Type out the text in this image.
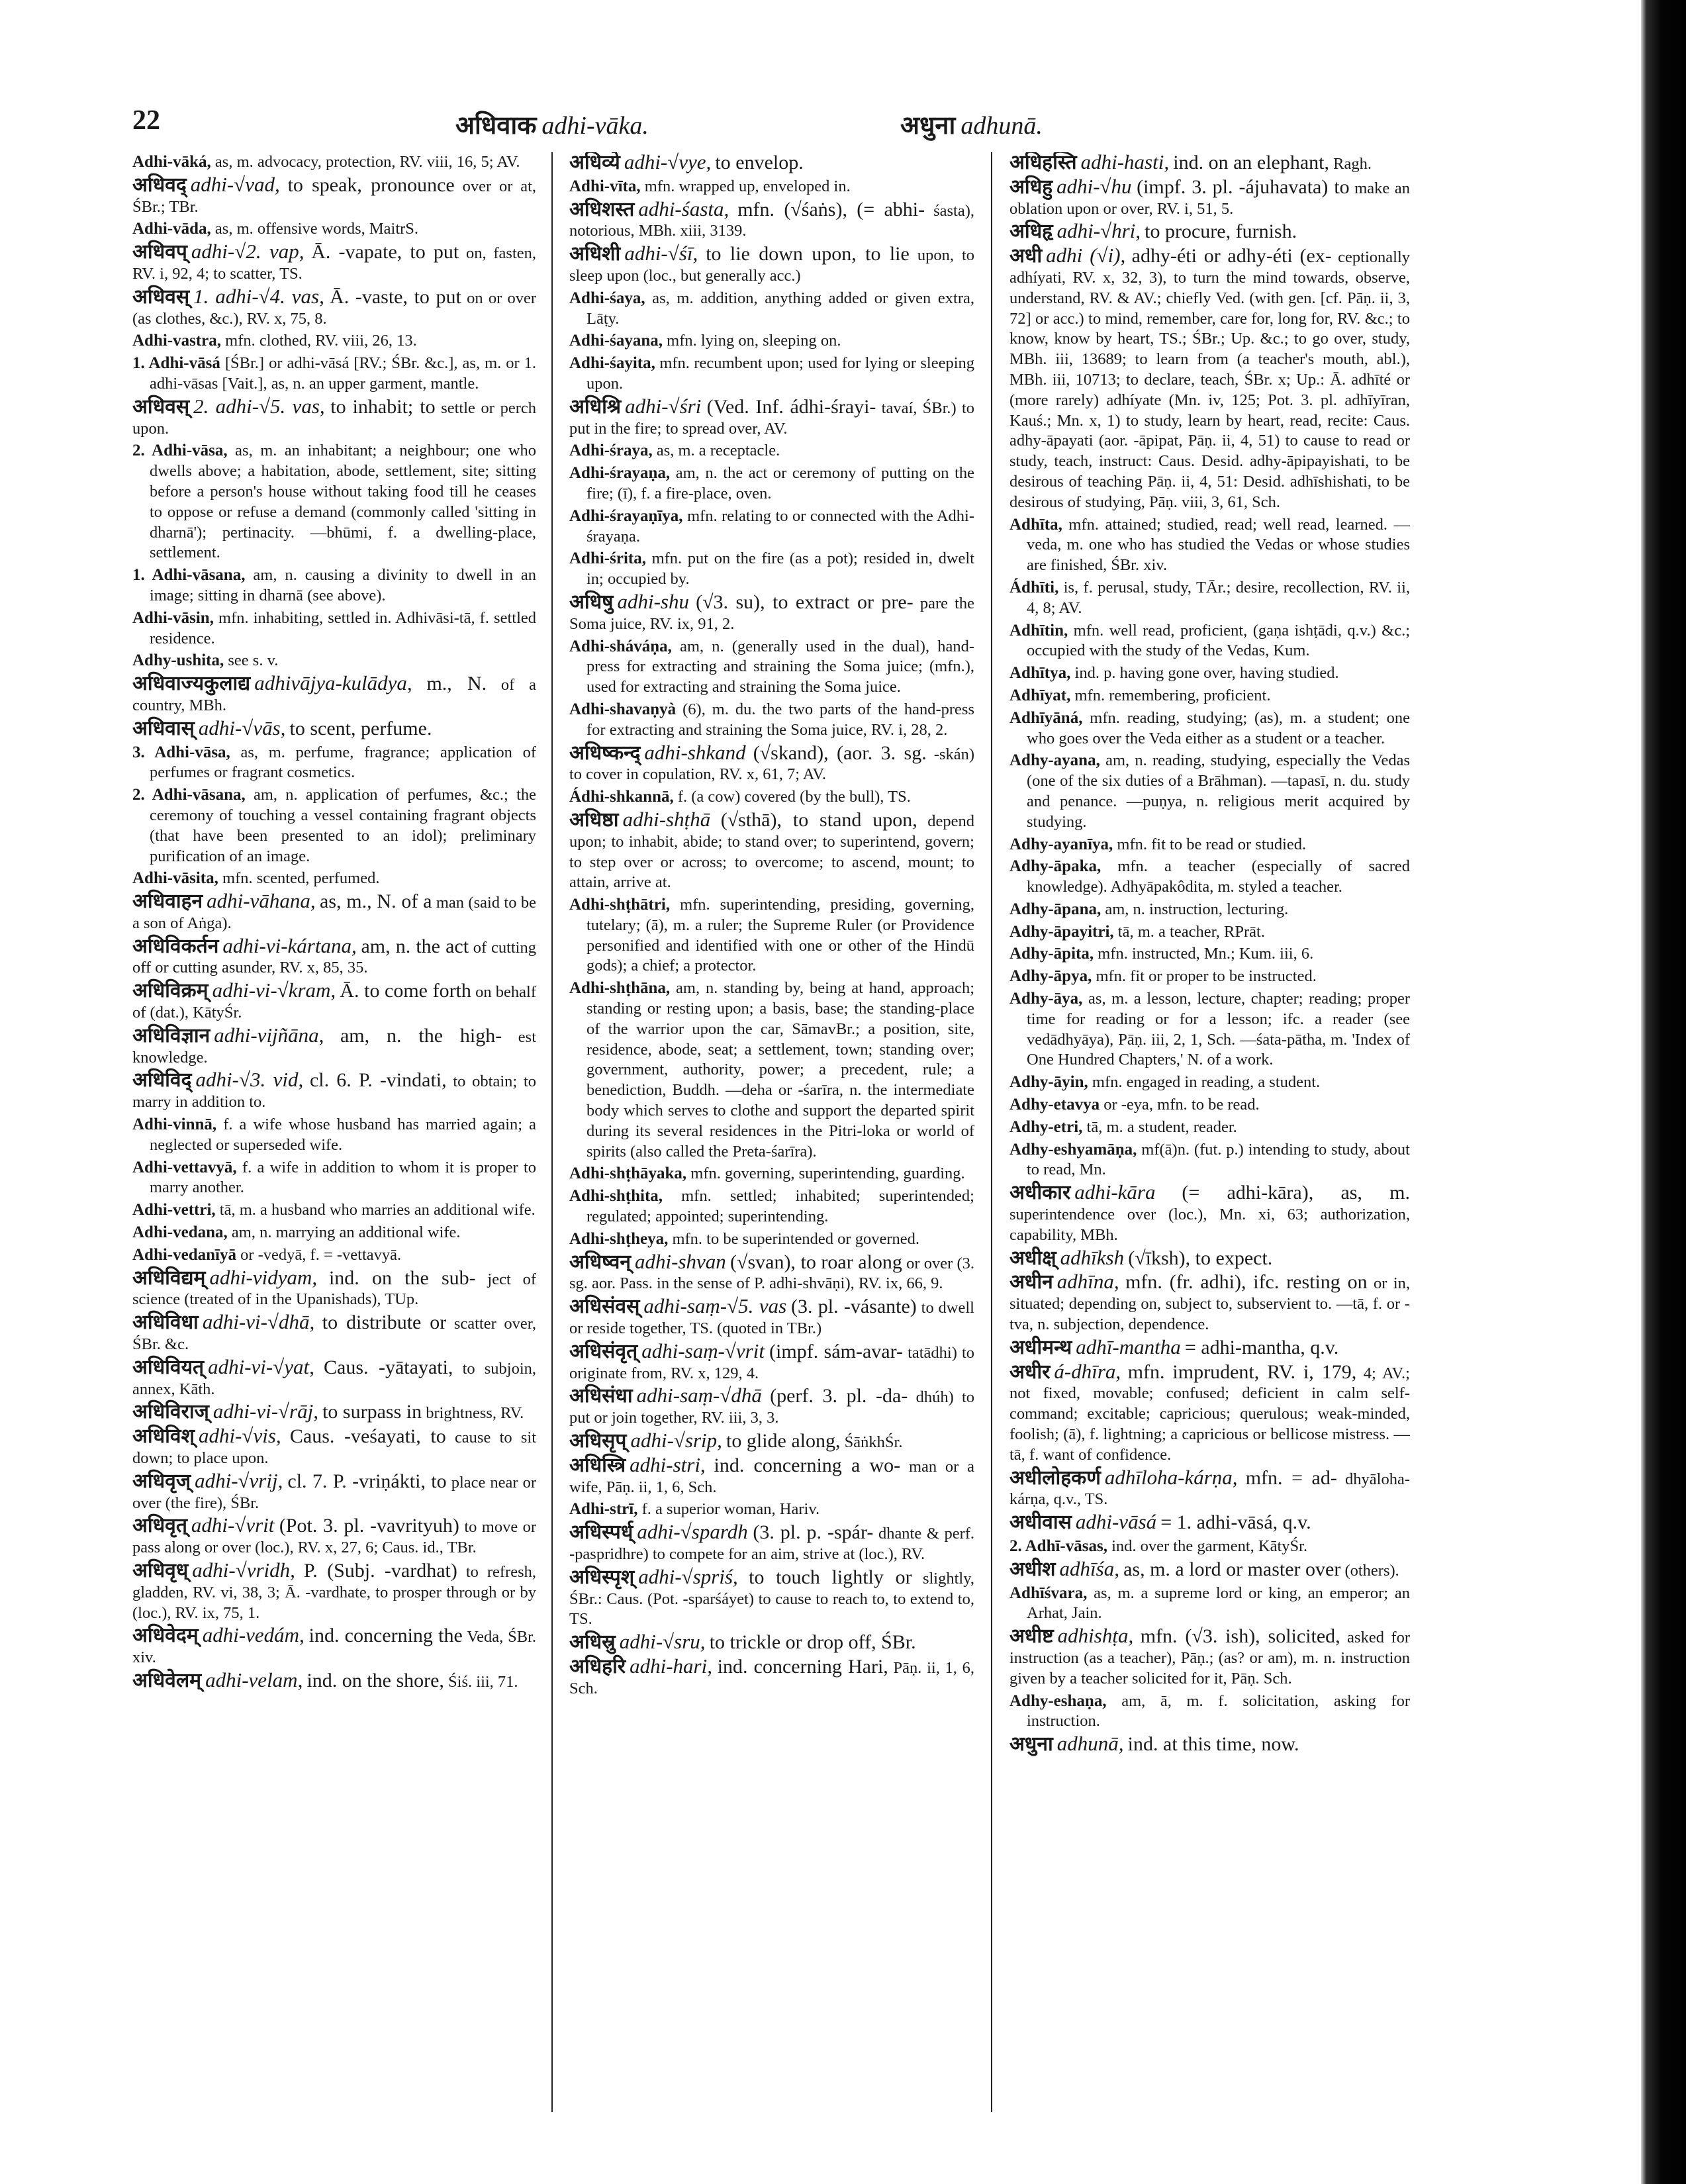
22	अधिवाक adhi-vāka.	अधुना adhunā.

Adhi-vāká, as, m. advocacy, protection, RV. viii, 16, 5; AV.

अधिवद् adhi-√vad, to speak, pronounce over or at, ŚBr.; TBr.

Adhi-vāda, as, m. offensive words, MaitrS.

अधिवप् adhi-√2. vap, Ā. -vapate, to put on, fasten, RV. i, 92, 4; to scatter, TS.

अधिवस् 1. adhi-√4. vas, Ā. -vaste, to put on or over (as clothes, &c.), RV. x, 75, 8.

Adhi-vastra, mfn. clothed, RV. viii, 26, 13.

1. Adhi-vāsá [ŚBr.] or adhi-vāsá [RV.; ŚBr. &c.], as, m. or 1. adhi-vāsas [Vait.], as, n. an upper garment, mantle.

अधिवस् 2. adhi-√5. vas, to inhabit; to settle or perch upon.

2. Adhi-vāsa, as, m. an inhabitant; a neighbour; one who dwells above; a habitation, abode, settlement, site; sitting before a person's house without taking food till he ceases to oppose or refuse a demand (commonly called 'sitting in dharnā'); pertinacity. —bhūmi, f. a dwelling-place, settlement.

1. Adhi-vāsana, am, n. causing a divinity to dwell in an image; sitting in dharnā (see above).

Adhi-vāsin, mfn. inhabiting, settled in. Adhivāsi-tā, f. settled residence.

Adhy-ushita, see s. v.

अधिवाज्यकुलाद्य adhivājya-kulādya, m., N. of a country, MBh.

अधिवास् adhi-√vās, to scent, perfume.

3. Adhi-vāsa, as, m. perfume, fragrance; application of perfumes or fragrant cosmetics.

2. Adhi-vāsana, am, n. application of perfumes, &c.; the ceremony of touching a vessel containing fragrant objects (that have been presented to an idol); preliminary purification of an image.

Adhi-vāsita, mfn. scented, perfumed.

अधिवाहन adhi-vāhana, as, m., N. of a man (said to be a son of Aṅga).

अधिविकर्तन adhi-vi-kártana, am, n. the act of cutting off or cutting asunder, RV. x, 85, 35.

अधिविक्रम् adhi-vi-√kram, Ā. to come forth on behalf of (dat.), KātyŚr.

अधिविज्ञान adhi-vijñāna, am, n. the high- est knowledge.

अधिविद् adhi-√3. vid, cl. 6. P. -vindati, to obtain; to marry in addition to.

Adhi-vinnā, f. a wife whose husband has married again; a neglected or superseded wife.

Adhi-vettavyā, f. a wife in addition to whom it is proper to marry another.

Adhi-vettri, tā, m. a husband who marries an additional wife.

Adhi-vedana, am, n. marrying an additional wife.

Adhi-vedanīyā or -vedyā, f. = -vettavyā.

अधिविद्यम् adhi-vidyam, ind. on the sub- ject of science (treated of in the Upanishads), TUp.

अधिविधा adhi-vi-√dhā, to distribute or scatter over, ŚBr. &c.

अधिवियत् adhi-vi-√yat, Caus. -yātayati, to subjoin, annex, Kāth.

अधिविराज् adhi-vi-√rāj, to surpass in brightness, RV.

अधिविश् adhi-√vis, Caus. -veśayati, to cause to sit down; to place upon.

अधिवृज् adhi-√vrij, cl. 7. P. -vriṇákti, to place near or over (the fire), ŚBr.

अधिवृत् adhi-√vrit (Pot. 3. pl. -vavrityuh) to move or pass along or over (loc.), RV. x, 27, 6; Caus. id., TBr.

अधिवृध् adhi-√vridh, P. (Subj. -vardhat) to refresh, gladden, RV. vi, 38, 3; Ā. -vardhate, to prosper through or by (loc.), RV. ix, 75, 1.

अधिवेदम् adhi-vedám, ind. concerning the Veda, ŚBr. xiv.

अधिवेलम् adhi-velam, ind. on the shore, Śiś. iii, 71.

अधिव्ये adhi-√vye, to envelop.

Adhi-vīta, mfn. wrapped up, enveloped in.

अधिशस्त adhi-śasta, mfn. (√śaṅs), (= abhi- śasta), notorious, MBh. xiii, 3139.

अधिशी adhi-√śī, to lie down upon, to lie upon, to sleep upon (loc., but generally acc.)

Adhi-śaya, as, m. addition, anything added or given extra, Lāṭy.

Adhi-śayana, mfn. lying on, sleeping on.

Adhi-śayita, mfn. recumbent upon; used for lying or sleeping upon.

अधिश्रि adhi-√śri (Ved. Inf. ádhi-śrayi- tavaí, ŚBr.) to put in the fire; to spread over, AV.

Adhi-śraya, as, m. a receptacle.

Adhi-śrayaṇa, am, n. the act or ceremony of putting on the fire; (ī), f. a fire-place, oven.

Adhi-śrayaṇīya, mfn. relating to or connected with the Adhi-śrayaṇa.

Adhi-śrita, mfn. put on the fire (as a pot); resided in, dwelt in; occupied by.

अधिषु adhi-shu (√3. su), to extract or pre- pare the Soma juice, RV. ix, 91, 2.

Adhi-sháváṇa, am, n. (generally used in the dual), hand-press for extracting and straining the Soma juice; (mfn.), used for extracting and straining the Soma juice.

Adhi-shavaṇyà (6), m. du. the two parts of the hand-press for extracting and straining the Soma juice, RV. i, 28, 2.

अधिष्कन्द् adhi-shkand (√skand), (aor. 3. sg. -skán) to cover in copulation, RV. x, 61, 7; AV.

Ádhi-shkannā, f. (a cow) covered (by the bull), TS.

अधिष्ठा adhi-shṭhā (√sthā), to stand upon, depend upon; to inhabit, abide; to stand over; to superintend, govern; to step over or across; to overcome; to ascend, mount; to attain, arrive at.

Adhi-shṭhātri, mfn. superintending, presiding, governing, tutelary; (ā), m. a ruler; the Supreme Ruler (or Providence personified and identified with one or other of the Hindū gods); a chief; a protector.

Adhi-shṭhāna, am, n. standing by, being at hand, approach; standing or resting upon; a basis, base; the standing-place of the warrior upon the car, SāmavBr.; a position, site, residence, abode, seat; a settlement, town; standing over; government, authority, power; a precedent, rule; a benediction, Buddh. —deha or -śarīra, n. the intermediate body which serves to clothe and support the departed spirit during its several residences in the Pitri-loka or world of spirits (also called the Preta-śarīra).

Adhi-shṭhāyaka, mfn. governing, superintending, guarding.

Adhi-shṭhita, mfn. settled; inhabited; superintended; regulated; appointed; superintending.

Adhi-shṭheya, mfn. to be superintended or governed.

अधिष्वन् adhi-shvan (√svan), to roar along or over (3. sg. aor. Pass. in the sense of P. adhi-shvāṇi), RV. ix, 66, 9.

अधिसंवस् adhi-saṃ-√5. vas (3. pl. -vásante) to dwell or reside together, TS. (quoted in TBr.)

अधिसंवृत् adhi-saṃ-√vrit (impf. sám-avar- tatādhi) to originate from, RV. x, 129, 4.

अधिसंधा adhi-saṃ-√dhā (perf. 3. pl. -da- dhúh) to put or join together, RV. iii, 3, 3.

अधिसृप् adhi-√srip, to glide along, ŚāṅkhŚr.

अधिस्त्रि adhi-stri, ind. concerning a wo- man or a wife, Pāṇ. ii, 1, 6, Sch.

Adhi-strī, f. a superior woman, Hariv.

अधिस्पर्ध् adhi-√spardh (3. pl. p. -spár- dhante & perf. -paspridhre) to compete for an aim, strive at (loc.), RV.

अधिस्पृश् adhi-√spriś, to touch lightly or slightly, ŚBr.: Caus. (Pot. -sparśáyet) to cause to reach to, to extend to, TS.

अधिस्रु adhi-√sru, to trickle or drop off, ŚBr.

अधिहरि adhi-hari, ind. concerning Hari, Pāṇ. ii, 1, 6, Sch.

अधिहस्ति adhi-hasti, ind. on an elephant, Ragh.

अधिहु adhi-√hu (impf. 3. pl. -ájuhavata) to make an oblation upon or over, RV. i, 51, 5.

अधिहृ adhi-√hri, to procure, furnish.

अधी adhi (√i), adhy-éti or adhy-éti (ex- ceptionally adhíyati, RV. x, 32, 3), to turn the mind towards, observe, understand, RV. & AV.; chiefly Ved. (with gen. [cf. Pāṇ. ii, 3, 72] or acc.) to mind, remember, care for, long for, RV. &c.; to know, know by heart, TS.; ŚBr.; Up. &c.; to go over, study, MBh. iii, 13689; to learn from (a teacher's mouth, abl.), MBh. iii, 10713; to declare, teach, ŚBr. x; Up.: Ā. adhīté or (more rarely) adhíyate (Mn. iv, 125; Pot. 3. pl. adhīyīran, Kauś.; Mn. x, 1) to study, learn by heart, read, recite: Caus. adhy-āpayati (aor. -āpipat, Pāṇ. ii, 4, 51) to cause to read or study, teach, instruct: Caus. Desid. adhy-āpipayishati, to be desirous of teaching Pāṇ. ii, 4, 51: Desid. adhīshishati, to be desirous of studying, Pāṇ. viii, 3, 61, Sch.

Adhīta, mfn. attained; studied, read; well read, learned. —veda, m. one who has studied the Vedas or whose studies are finished, ŚBr. xiv.

Ádhīti, is, f. perusal, study, TĀr.; desire, recollection, RV. ii, 4, 8; AV.

Adhītin, mfn. well read, proficient, (gaṇa ishṭādi, q.v.) &c.; occupied with the study of the Vedas, Kum.

Adhītya, ind. p. having gone over, having studied.

Adhīyat, mfn. remembering, proficient.

Adhīyāná, mfn. reading, studying; (as), m. a student; one who goes over the Veda either as a student or a teacher.

Adhy-ayana, am, n. reading, studying, especially the Vedas (one of the six duties of a Brāhman). —tapasī, n. du. study and penance. —puṇya, n. religious merit acquired by studying.

Adhy-ayanīya, mfn. fit to be read or studied.

Adhy-āpaka, mfn. a teacher (especially of sacred knowledge). Adhyāpakôdita, m. styled a teacher.

Adhy-āpana, am, n. instruction, lecturing.

Adhy-āpayitri, tā, m. a teacher, RPrāt.

Adhy-āpita, mfn. instructed, Mn.; Kum. iii, 6.

Adhy-āpya, mfn. fit or proper to be instructed.

Adhy-āya, as, m. a lesson, lecture, chapter; reading; proper time for reading or for a lesson; ifc. a reader (see vedādhyāya), Pāṇ. iii, 2, 1, Sch. —śata-pātha, m. 'Index of One Hundred Chapters,' N. of a work.

Adhy-āyin, mfn. engaged in reading, a student.

Adhy-etavya or -eya, mfn. to be read.

Adhy-etri, tā, m. a student, reader.

Adhy-eshyamāṇa, mf(ā)n. (fut. p.) intending to study, about to read, Mn.

अधीकार adhi-kāra (= adhi-kāra), as, m.superintendence over (loc.), Mn. xi, 63; authorization, capability, MBh.

अधीक्ष् adhīksh (√īksh), to expect.

अधीन adhīna, mfn. (fr. adhi), ifc. resting on or in, situated; depending on, subject to, subservient to. —tā, f. or -tva, n. subjection, dependence.

अधीमन्थ adhī-mantha = adhi-mantha, q.v.

अधीर á-dhīra, mfn. imprudent, RV. i, 179, 4; AV.; not fixed, movable; confused; deficient in calm self-command; excitable; capricious; querulous; weak-minded, foolish; (ā), f. lightning; a capricious or bellicose mistress. —tā, f. want of confidence.

अधीलोहकर्ण adhīloha-kárṇa, mfn. = ad- dhyāloha-kárṇa, q.v., TS.

अधीवास adhi-vāsá = 1. adhi-vāsá, q.v.

2. Adhī-vāsas, ind. over the garment, KātyŚr.

अधीश adhīśa, as, m. a lord or master over (others).

Adhīśvara, as, m. a supreme lord or king, an emperor; an Arhat, Jain.

अधीष्ट adhishṭa, mfn. (√3. ish), solicited, asked for instruction (as a teacher), Pāṇ.; (as? or am), m. n. instruction given by a teacher solicited for it, Pāṇ. Sch.

Adhy-eshaṇa, am, ā, m. f. solicitation, asking for instruction.

अधुना adhunā, ind. at this time, now.
